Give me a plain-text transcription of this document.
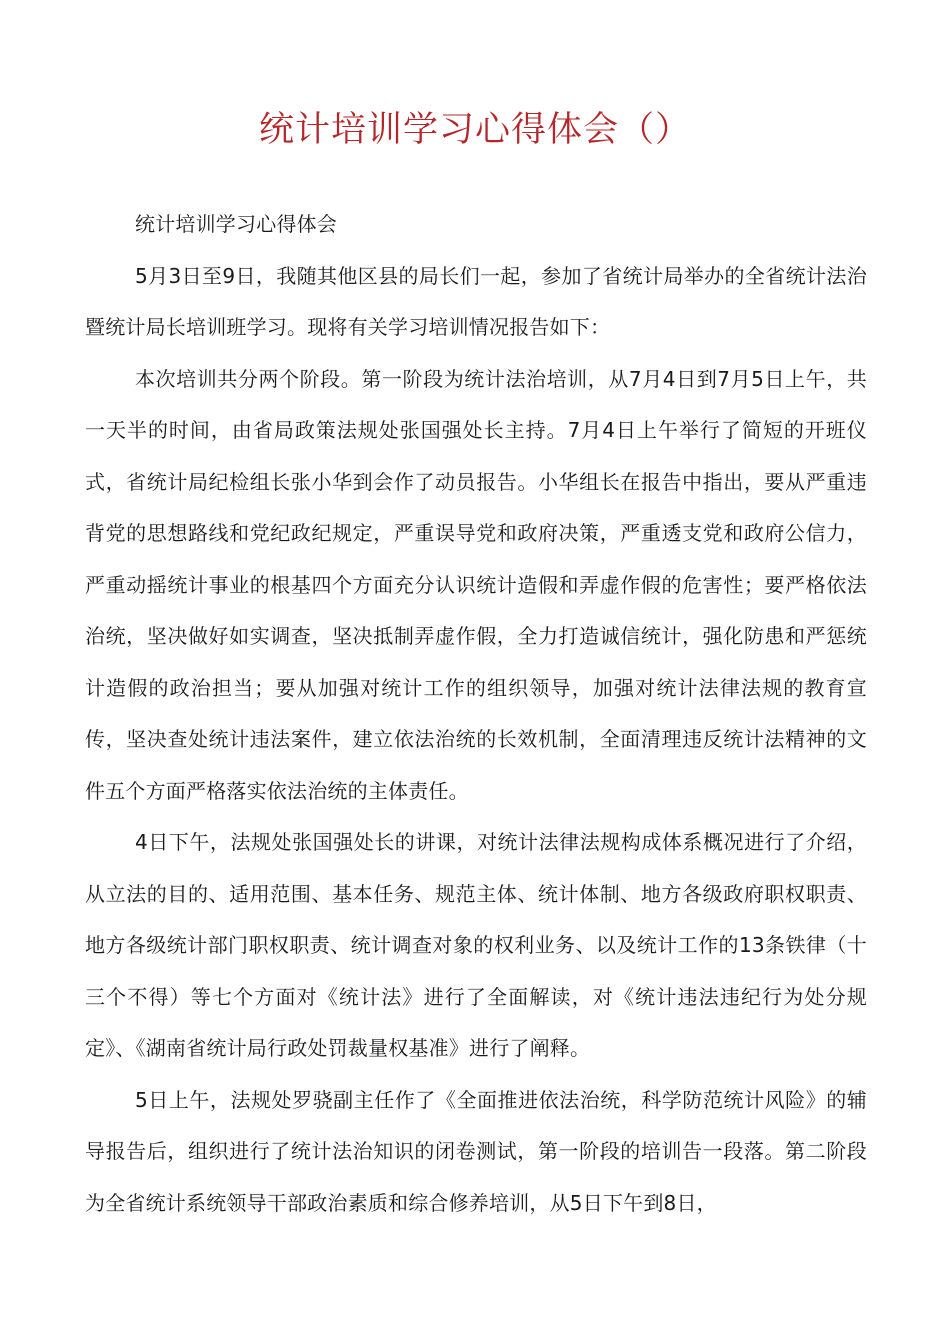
统计培训学习心得体会（）

统计培训学习心得体会

5月3日至9日，我随其他区县的局长们一起，参加了省统计局举办的全省统计法治暨统计局长培训班学习。现将有关学习培训情况报告如下：

本次培训共分两个阶段。第一阶段为统计法治培训，从7月4日到7月5日上午，共一天半的时间，由省局政策法规处张国强处长主持。7月4日上午举行了简短的开班仪式，省统计局纪检组长张小华到会作了动员报告。小华组长在报告中指出，要从严重违背党的思想路线和党纪政纪规定，严重误导党和政府决策，严重透支党和政府公信力，严重动摇统计事业的根基四个方面充分认识统计造假和弄虚作假的危害性；要严格依法治统，坚决做好如实调查，坚决抵制弄虚作假，全力打造诚信统计，强化防患和严惩统计造假的政治担当；要从加强对统计工作的组织领导，加强对统计法律法规的教育宣传，坚决查处统计违法案件，建立依法治统的长效机制，全面清理违反统计法精神的文件五个方面严格落实依法治统的主体责任。

4日下午，法规处张国强处长的讲课，对统计法律法规构成体系概况进行了介绍，从立法的目的、适用范围、基本任务、规范主体、统计体制、地方各级政府职权职责、地方各级统计部门职权职责、统计调查对象的权利业务、以及统计工作的13条铁律（十三个不得）等七个方面对《统计法》进行了全面解读，对《统计违法违纪行为处分规定》、《湖南省统计局行政处罚裁量权基准》进行了阐释。

5日上午，法规处罗骁副主任作了《全面推进依法治统，科学防范统计风险》的辅导报告后，组织进行了统计法治知识的闭卷测试，第一阶段的培训告一段落。第二阶段为全省统计系统领导干部政治素质和综合修养培训，从5日下午到8日，
